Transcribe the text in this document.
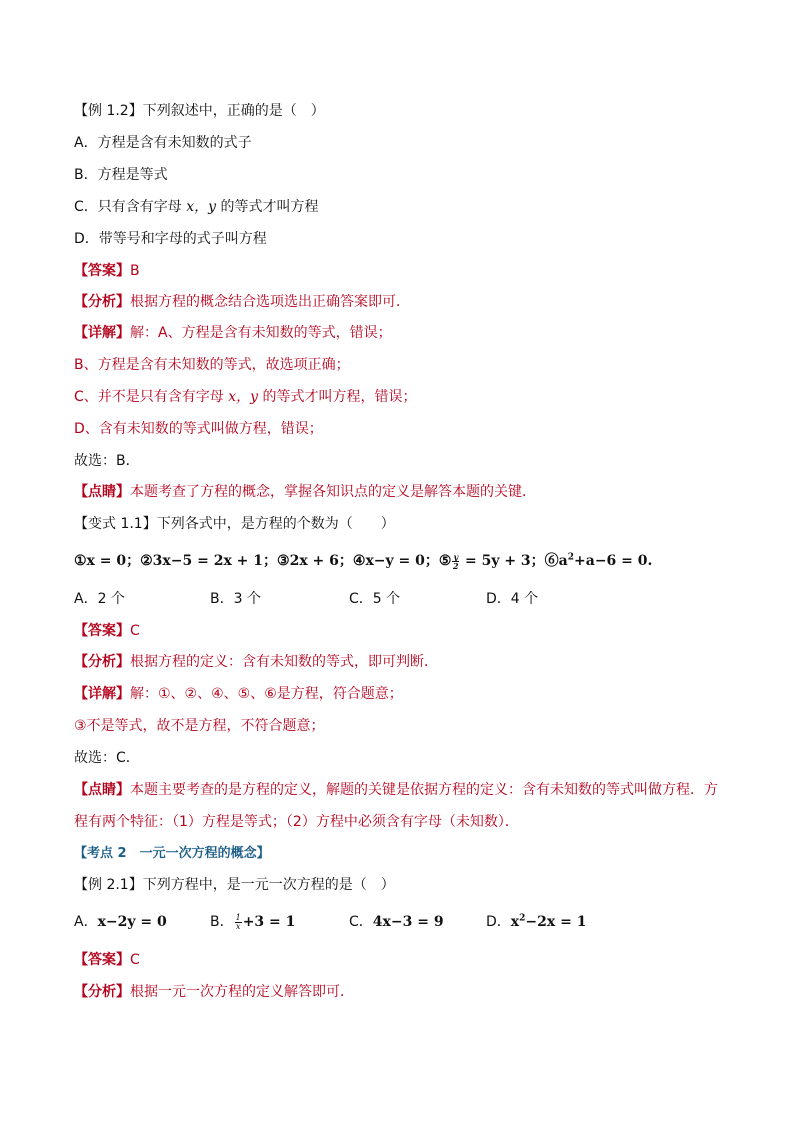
【例 1.2】下列叙述中，正确的是（　）
A．方程是含有未知数的式子
B．方程是等式
C．只有含有字母 x，y 的等式才叫方程
D．带等号和字母的式子叫方程
【答案】B
【分析】根据方程的概念结合选项选出正确答案即可．
【详解】解：A、方程是含有未知数的等式，错误；
B、方程是含有未知数的等式，故选项正确；
C、并不是只有含有字母 x，y 的等式才叫方程，错误；
D、含有未知数的等式叫做方程，错误；
故选：B．
【点睛】本题考查了方程的概念，掌握各知识点的定义是解答本题的关键．
【变式 1.1】下列各式中，是方程的个数为（　　）
①x = 0；②3x−5 = 2x + 1；③2x + 6；④x−y = 0；⑤ $\frac{y}{2} = 5y + 3$；$⑥a^2+a-6 = 0$.
A．2 个	B．3 个	C．5 个	D．4 个
【答案】C
【分析】根据方程的定义：含有未知数的等式，即可判断．
【详解】解：①、②、④、⑤、⑥是方程，符合题意；
③不是等式，故不是方程，不符合题意；
故选：C．
【点睛】本题主要考查的是方程的定义，解题的关键是依据方程的定义：含有未知数的等式叫做方程．方
程有两个特征：（1）方程是等式；（2）方程中必须含有字母（未知数）．
【考点 2　一元一次方程的概念】
【例 2.1】下列方程中，是一元一次方程的是（　）
A．x−2y = 0	B． $\frac{1}{x} +3 = 1$	C．4x−3 = 9	D．$x^2-2x = 1$
【答案】C
【分析】根据一元一次方程的定义解答即可．
